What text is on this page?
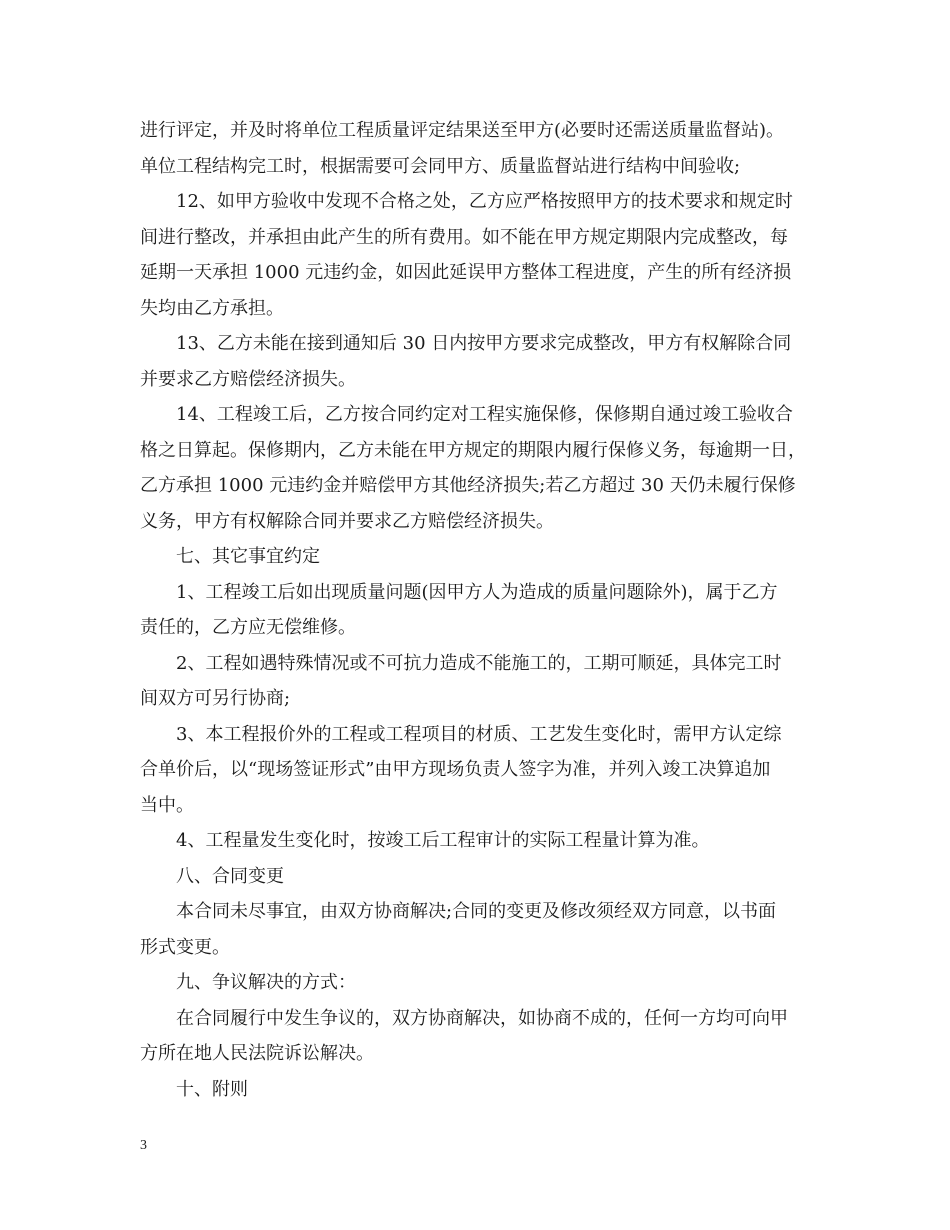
进行评定，并及时将单位工程质量评定结果送至甲方(必要时还需送质量监督站)。
单位工程结构完工时，根据需要可会同甲方、质量监督站进行结构中间验收;
12、如甲方验收中发现不合格之处，乙方应严格按照甲方的技术要求和规定时
间进行整改，并承担由此产生的所有费用。如不能在甲方规定期限内完成整改，每
延期一天承担 1000 元违约金，如因此延误甲方整体工程进度，产生的所有经济损
失均由乙方承担。
13、乙方未能在接到通知后 30 日内按甲方要求完成整改，甲方有权解除合同
并要求乙方赔偿经济损失。
14、工程竣工后，乙方按合同约定对工程实施保修，保修期自通过竣工验收合
格之日算起。保修期内，乙方未能在甲方规定的期限内履行保修义务，每逾期一日，
乙方承担 1000 元违约金并赔偿甲方其他经济损失;若乙方超过 30 天仍未履行保修
义务，甲方有权解除合同并要求乙方赔偿经济损失。
七、其它事宜约定
1、工程竣工后如出现质量问题(因甲方人为造成的质量问题除外)，属于乙方
责任的，乙方应无偿维修。
2、工程如遇特殊情况或不可抗力造成不能施工的，工期可顺延，具体完工时
间双方可另行协商;
3、本工程报价外的工程或工程项目的材质、工艺发生变化时，需甲方认定综
合单价后，以“现场签证形式”由甲方现场负责人签字为准，并列入竣工决算追加
当中。
4、工程量发生变化时，按竣工后工程审计的实际工程量计算为准。
八、合同变更
本合同未尽事宜，由双方协商解决;合同的变更及修改须经双方同意，以书面
形式变更。
九、争议解决的方式：
在合同履行中发生争议的，双方协商解决，如协商不成的，任何一方均可向甲
方所在地人民法院诉讼解决。
十、附则
3
